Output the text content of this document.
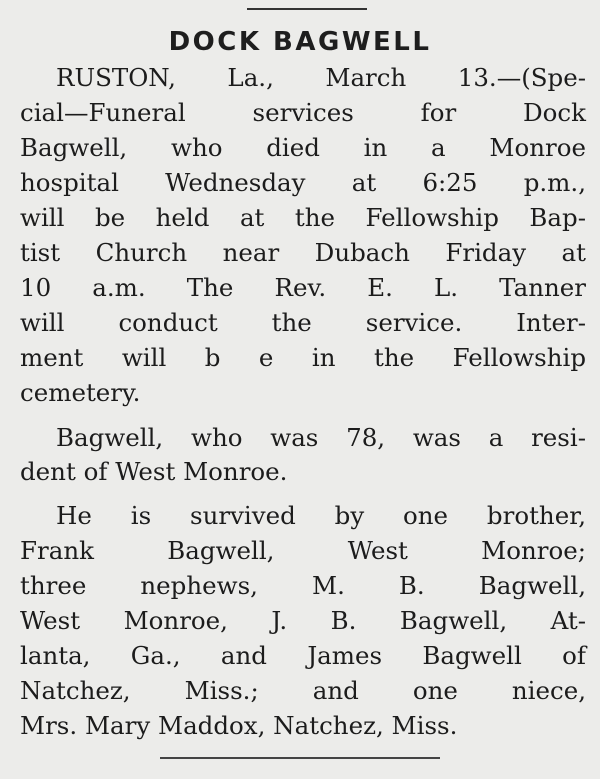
DOCK BAGWELL
RUSTON, La., March 13.—(Spe-
cial—Funeral services for Dock
Bagwell, who died in a Monroe
hospital Wednesday at 6:25 p.m.,
will be held at the Fellowship Bap-
tist Church near Dubach Friday at
10 a.m. The Rev. E. L. Tanner
will conduct the service. Inter-
ment will b e in the Fellowship
cemetery.
Bagwell, who was 78, was a resi-
dent of West Monroe.
He is survived by one brother,
Frank Bagwell, West Monroe;
three nephews, M. B. Bagwell,
West Monroe, J. B. Bagwell, At-
lanta, Ga., and James Bagwell of
Natchez, Miss.; and one niece,
Mrs. Mary Maddox, Natchez, Miss.
